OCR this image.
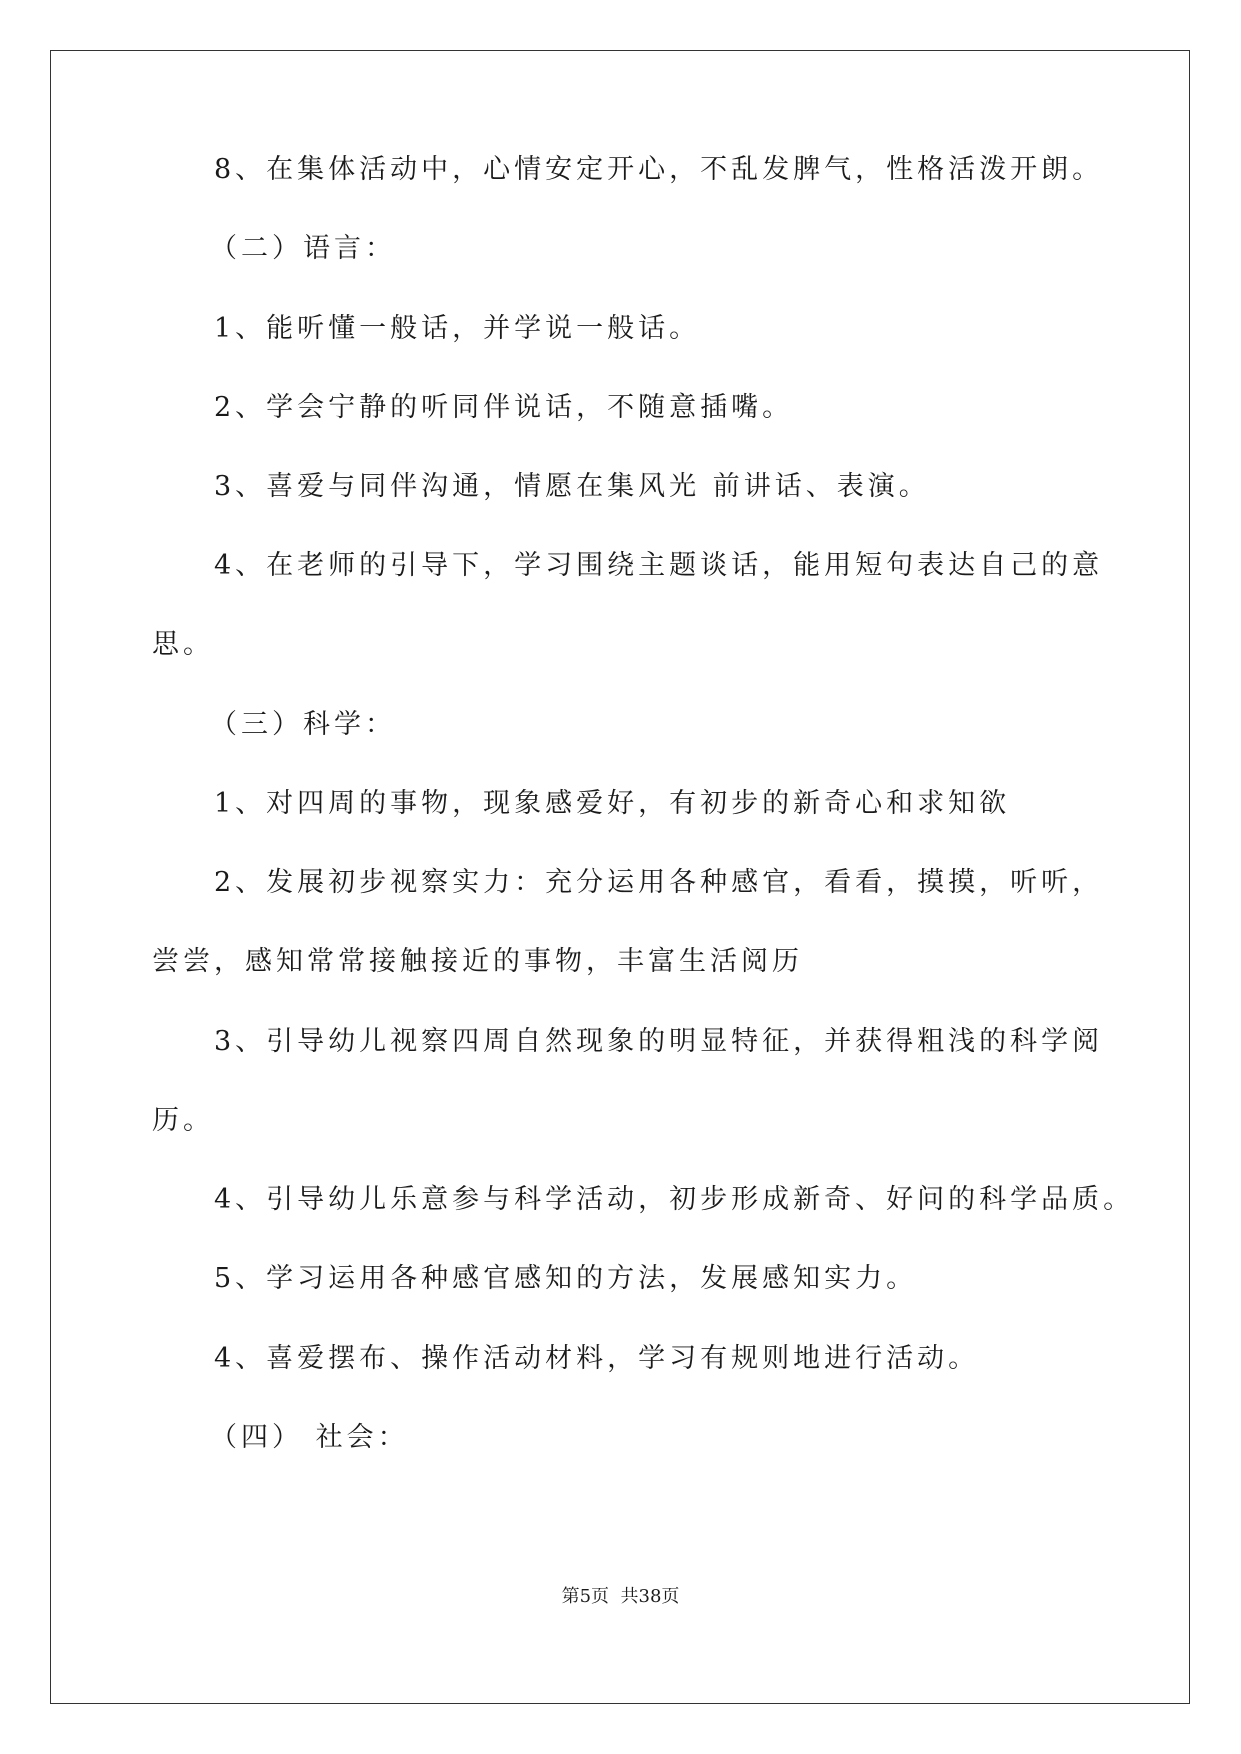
8、在集体活动中，心情安定开心，不乱发脾气，性格活泼开朗。
（二）语言：
1、能听懂一般话，并学说一般话。
2、学会宁静的听同伴说话，不随意插嘴。
3、喜爱与同伴沟通，情愿在集风光 前讲话、表演。
4、在老师的引导下，学习围绕主题谈话，能用短句表达自己的意
思。
（三）科学：
1、对四周的事物，现象感爱好，有初步的新奇心和求知欲
2、发展初步视察实力：充分运用各种感官，看看，摸摸，听听，
尝尝，感知常常接触接近的事物，丰富生活阅历
3、引导幼儿视察四周自然现象的明显特征，并获得粗浅的科学阅
历。
4、引导幼儿乐意参与科学活动，初步形成新奇、好问的科学品质。
5、学习运用各种感官感知的方法，发展感知实力。
4、喜爱摆布、操作活动材料，学习有规则地进行活动。
（四） 社会：
第5页  共38页
